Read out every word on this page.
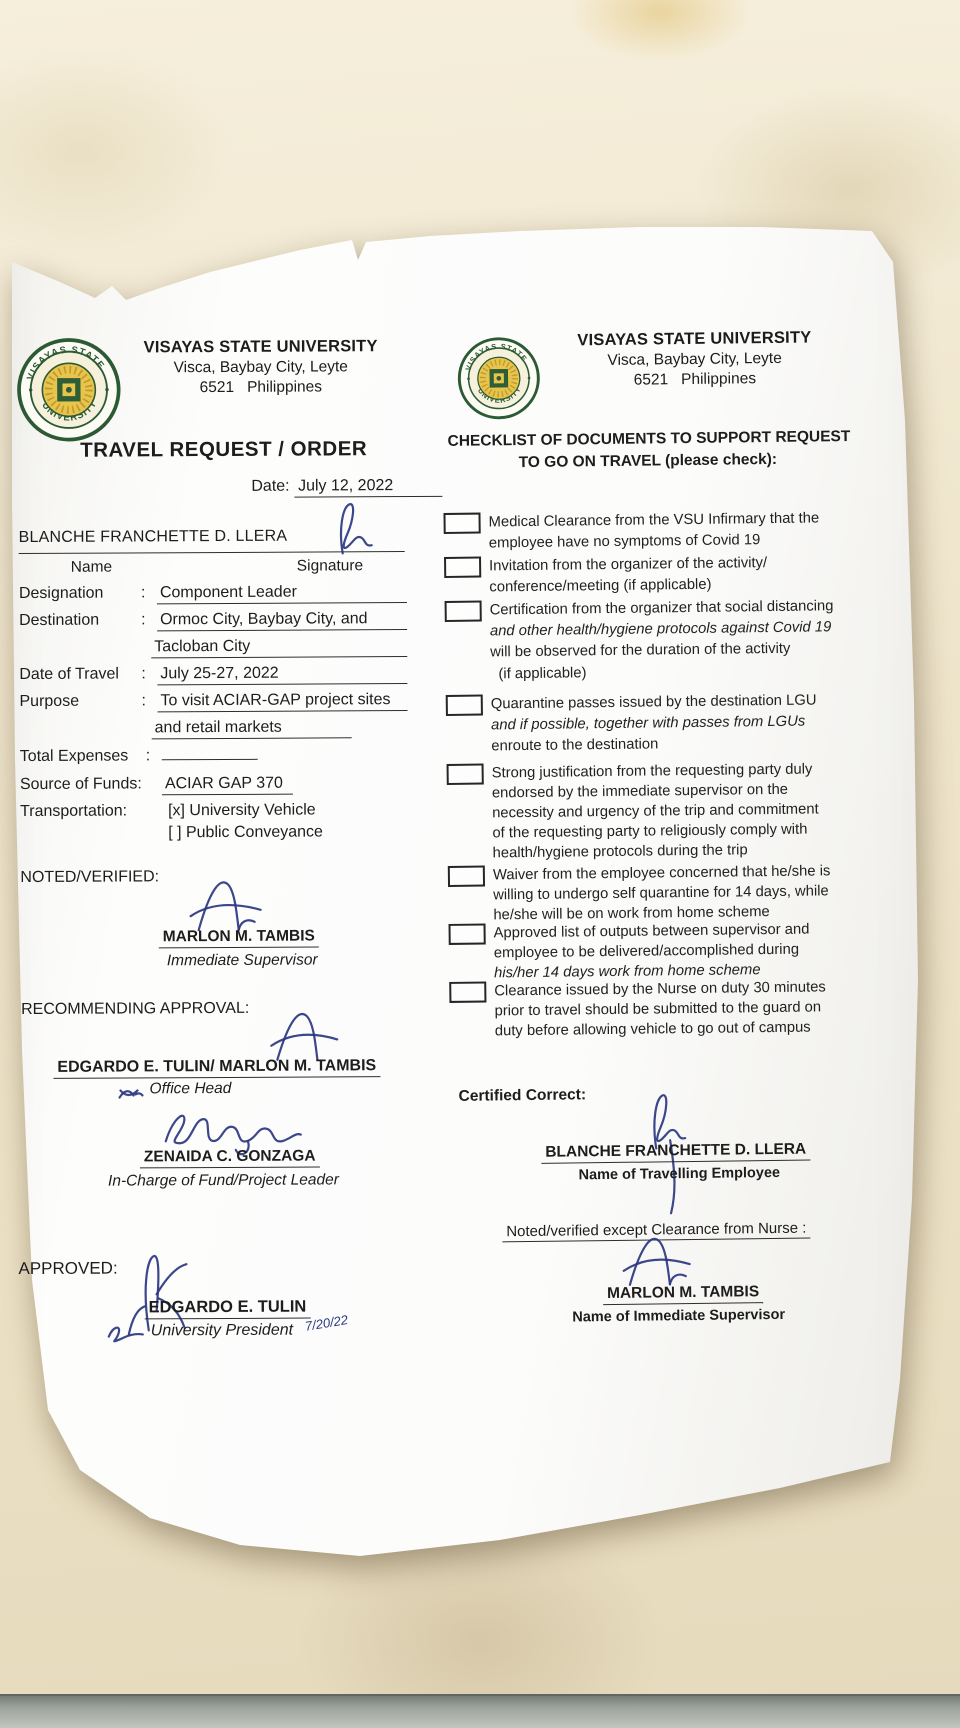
VISAYAS STATE UNIVERSITY
Visca, Baybay City, Leyte
6521   Philippines
TRAVEL REQUEST / ORDER
Date: July 12, 2022
BLANCHE FRANCHETTE D. LLERA
Name	Signature
Designation	: Component Leader
Destination	: Ormoc City, Baybay City, and
Tacloban City
Date of Travel	: July 25-27, 2022
Purpose	: To visit ACIAR-GAP project sites
and retail markets
Total Expenses	:
Source of Funds:	ACIAR GAP 370
Transportation:	[x] University Vehicle
[ ] Public Conveyance
NOTED/VERIFIED:
MARLON M. TAMBIS
Immediate Supervisor
RECOMMENDING APPROVAL:
EDGARDO E. TULIN/ MARLON M. TAMBIS
Office Head
ZENAIDA C. GONZAGA
In-Charge of Fund/Project Leader
APPROVED:
EDGARDO E. TULIN
University President 7/20/22
VISAYAS STATE UNIVERSITY
Visca, Baybay City, Leyte
6521   Philippines
CHECKLIST OF DOCUMENTS TO SUPPORT REQUEST
TO GO ON TRAVEL (please check):
Medical Clearance from the VSU Infirmary that the
employee have no symptoms of Covid 19
Invitation from the organizer of the activity/
conference/meeting (if applicable)
Certification from the organizer that social distancing
and other health/hygiene protocols against Covid 19
will be observed for the duration of the activity
(if applicable)
Quarantine passes issued by the destination LGU
and if possible, together with passes from LGUs
enroute to the destination
Strong justification from the requesting party duly
endorsed by the immediate supervisor on the
necessity and urgency of the trip and commitment
of the requesting party to religiously comply with
health/hygiene protocols during the trip
Waiver from the employee concerned that he/she is
willing to undergo self quarantine for 14 days, while
he/she will be on work from home scheme
Approved list of outputs between supervisor and
employee to be delivered/accomplished during
his/her 14 days work from home scheme
Clearance issued by the Nurse on duty 30 minutes
prior to travel should be submitted to the guard on
duty before allowing vehicle to go out of campus
Certified Correct:
BLANCHE FRANCHETTE D. LLERA
Name of Travelling Employee
Noted/verified except Clearance from Nurse :
MARLON M. TAMBIS
Name of Immediate Supervisor
